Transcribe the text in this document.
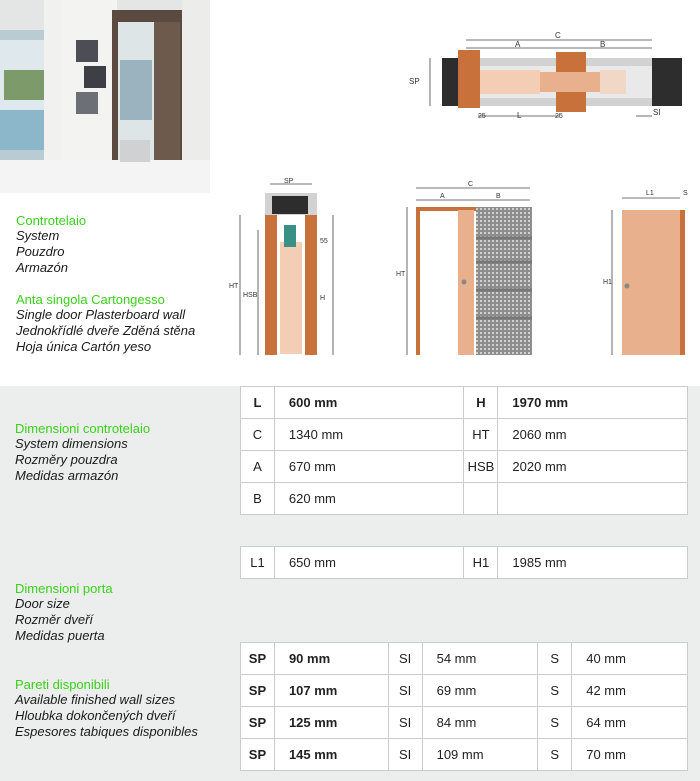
Controtelaio
System
Pouzdro
Armazón
Anta singola Cartongesso
Single door Plasterboard wall
Jednokřídlé dveře Zděná stěna
Hoja única Cartón yeso
C
A	B
SP
25	L	25	SI
SP
55
HT
HSB	H
C
A	B
HT
L1	S
H1
Dimensioni controtelaio
System dimensions
Rozměry pouzdra
Medidas armazón
Dimensioni porta
Door size
Rozměr dveří
Medidas puerta
Pareti disponibili
Available finished wall sizes
Hloubka dokončených dveří
Espesores tabiques disponibles
L	600 mm	H	1970 mm
C	1340 mm	HT	2060 mm
A	670 mm	HSB	2020 mm
B	620 mm		
L1	650 mm	H1	1985 mm
SP	90 mm	SI	54 mm	S	40 mm
SP	107 mm	SI	69 mm	S	42 mm
SP	125 mm	SI	84 mm	S	64 mm
SP	145 mm	SI	109 mm	S	70 mm
